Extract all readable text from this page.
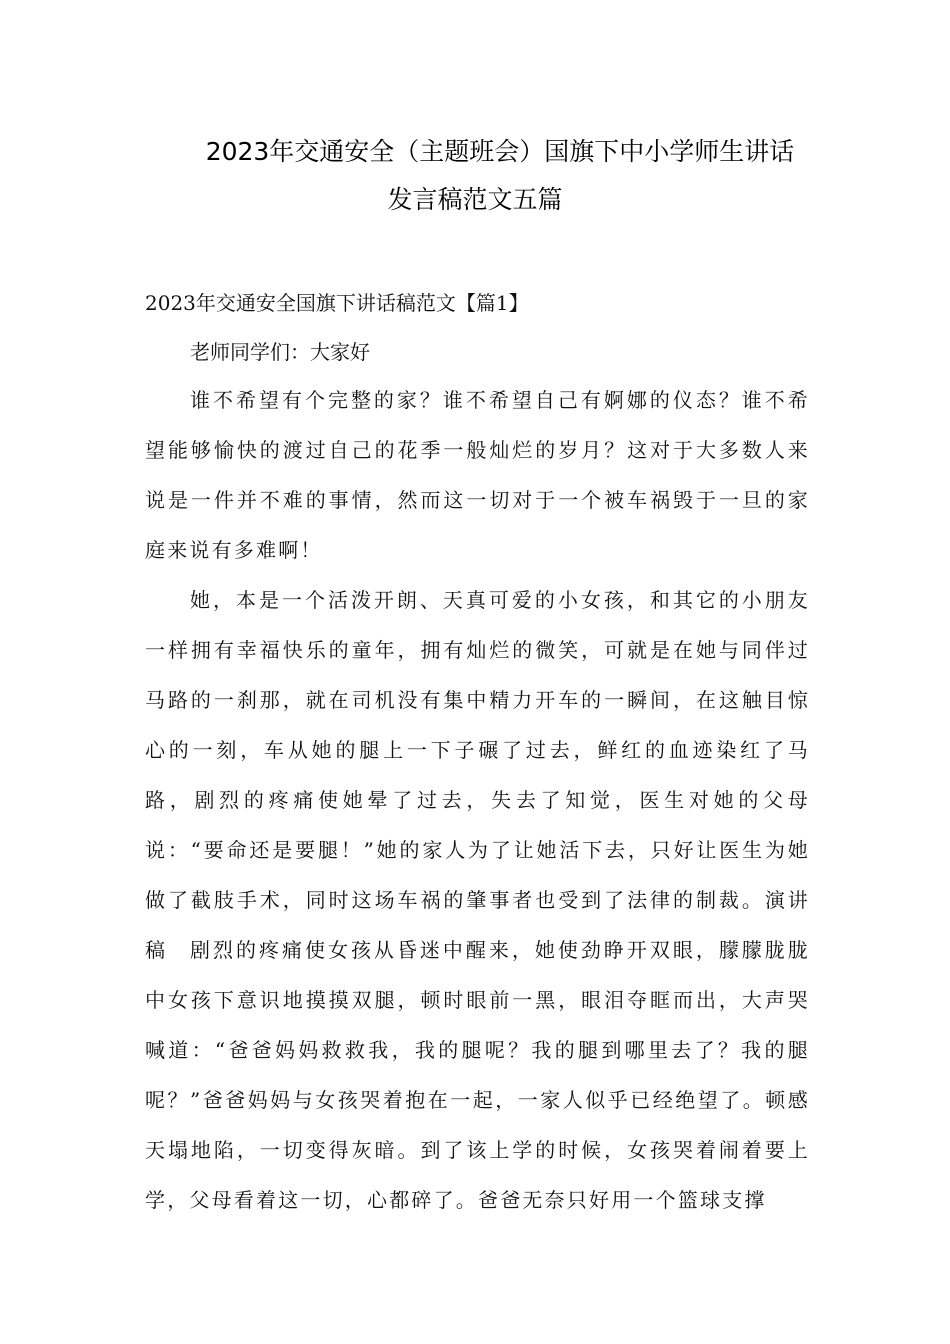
2023年交通安全（主题班会）国旗下中小学师生讲话
发言稿范文五篇
2023年交通安全国旗下讲话稿范文【篇1】
老师同学们：大家好

谁不希望有个完整的家？谁不希望自己有婀娜的仪态？谁不希望能够愉快的渡过自己的花季一般灿烂的岁月？这对于大多数人来说是一件并不难的事情，然而这一切对于一个被车祸毁于一旦的家庭来说有多难啊！

她，本是一个活泼开朗、天真可爱的小女孩，和其它的小朋友一样拥有幸福快乐的童年，拥有灿烂的微笑，可就是在她与同伴过马路的一刹那，就在司机没有集中精力开车的一瞬间，在这触目惊心的一刻，车从她的腿上一下子碾了过去，鲜红的血迹染红了马路，剧烈的疼痛使她晕了过去，失去了知觉，医生对她的父母说：“要命还是要腿！”她的家人为了让她活下去，只好让医生为她做了截肢手术，同时这场车祸的肇事者也受到了法律的制裁。演讲稿	剧烈的疼痛使女孩从昏迷中醒来，她使劲睁开双眼，朦朦胧胧中女孩下意识地摸摸双腿，顿时眼前一黑，眼泪夺眶而出，大声哭喊道：“爸爸妈妈救救我，我的腿呢？我的腿到哪里去了？我的腿呢？”爸爸妈妈与女孩哭着抱在一起，一家人似乎已经绝望了。顿感天塌地陷，一切变得灰暗。到了该上学的时候，女孩哭着闹着要上学，父母看着这一切，心都碎了。爸爸无奈只好用一个篮球支撑
